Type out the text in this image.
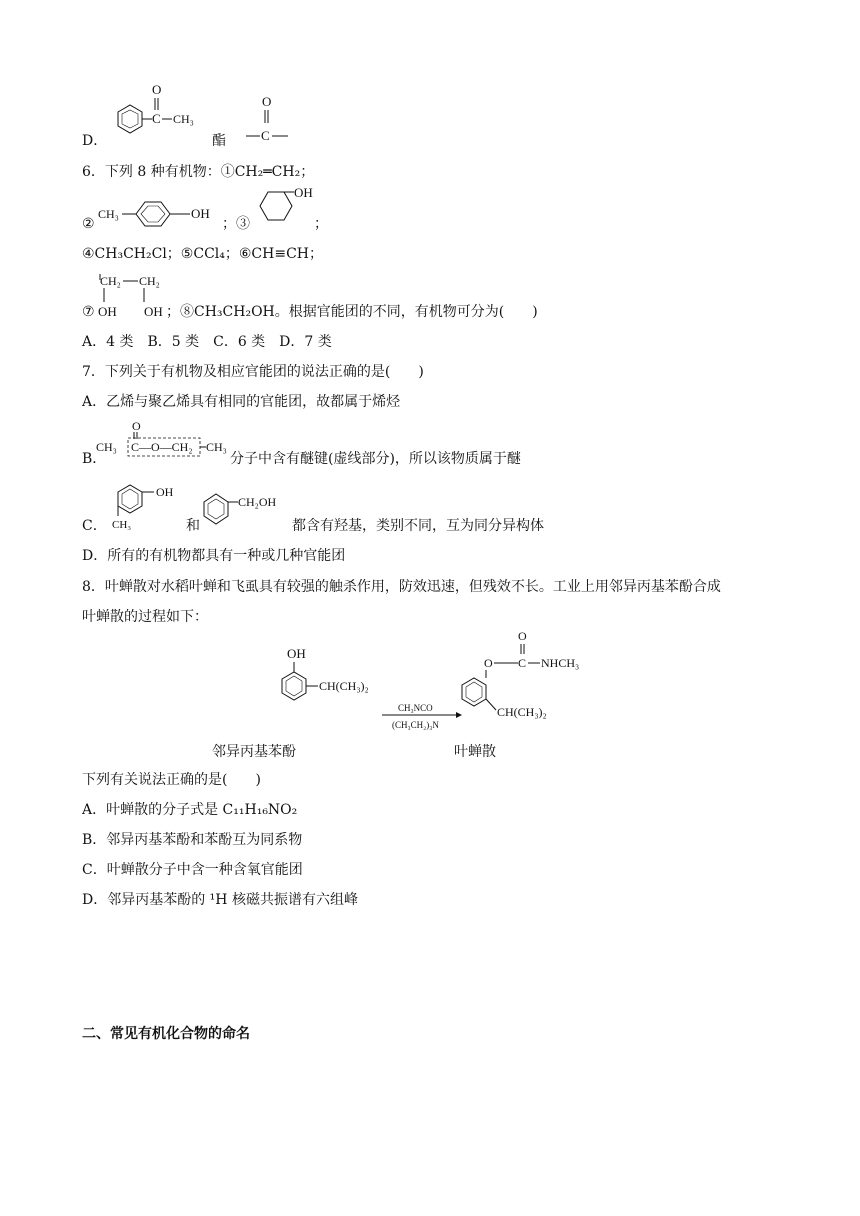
D．
C
O
CH₃
酯
O
C
6．下列 8 种有机物：①CH₂═CH₂；
②
CH₃	OH
；③
OH
；
④CH₃CH₂Cl；⑤CCl₄；⑥CH≡CH；
⑦
CH₂ CH₂
OH OH ；⑧CH₃CH₂OH。根据官能团的不同，有机物可分为(　　)
A．4 类　B．5 类　C．6 类　D．7 类
7．下列关于有机物及相应官能团的说法正确的是(　　)
A．乙烯与聚乙烯具有相同的官能团，故都属于烯烃
B．
O
CH₃ C—O—CH₂ CH₃
分子中含有醚键(虚线部分)，所以该物质属于醚
C．
OH
CH₃	和
CH₂OH
都含有羟基，类别不同，互为同分异构体
D．所有的有机物都具有一种或几种官能团
8．叶蝉散对水稻叶蝉和飞虱具有较强的触杀作用，防效迅速，但残效不长。工业上用邻异丙基苯酚合成
叶蝉散的过程如下：
OH
CH(CH₃)₂
CH₃NCO
(CH₃CH₂)₃N
O
O C NHCH₃
CH(CH₃)₂
邻异丙基苯酚	叶蝉散
下列有关说法正确的是(　　)
A．叶蝉散的分子式是 C₁₁H₁₆NO₂
B．邻异丙基苯酚和苯酚互为同系物
C．叶蝉散分子中含一种含氧官能团
D．邻异丙基苯酚的 ¹H 核磁共振谱有六组峰
二、常见有机化合物的命名
